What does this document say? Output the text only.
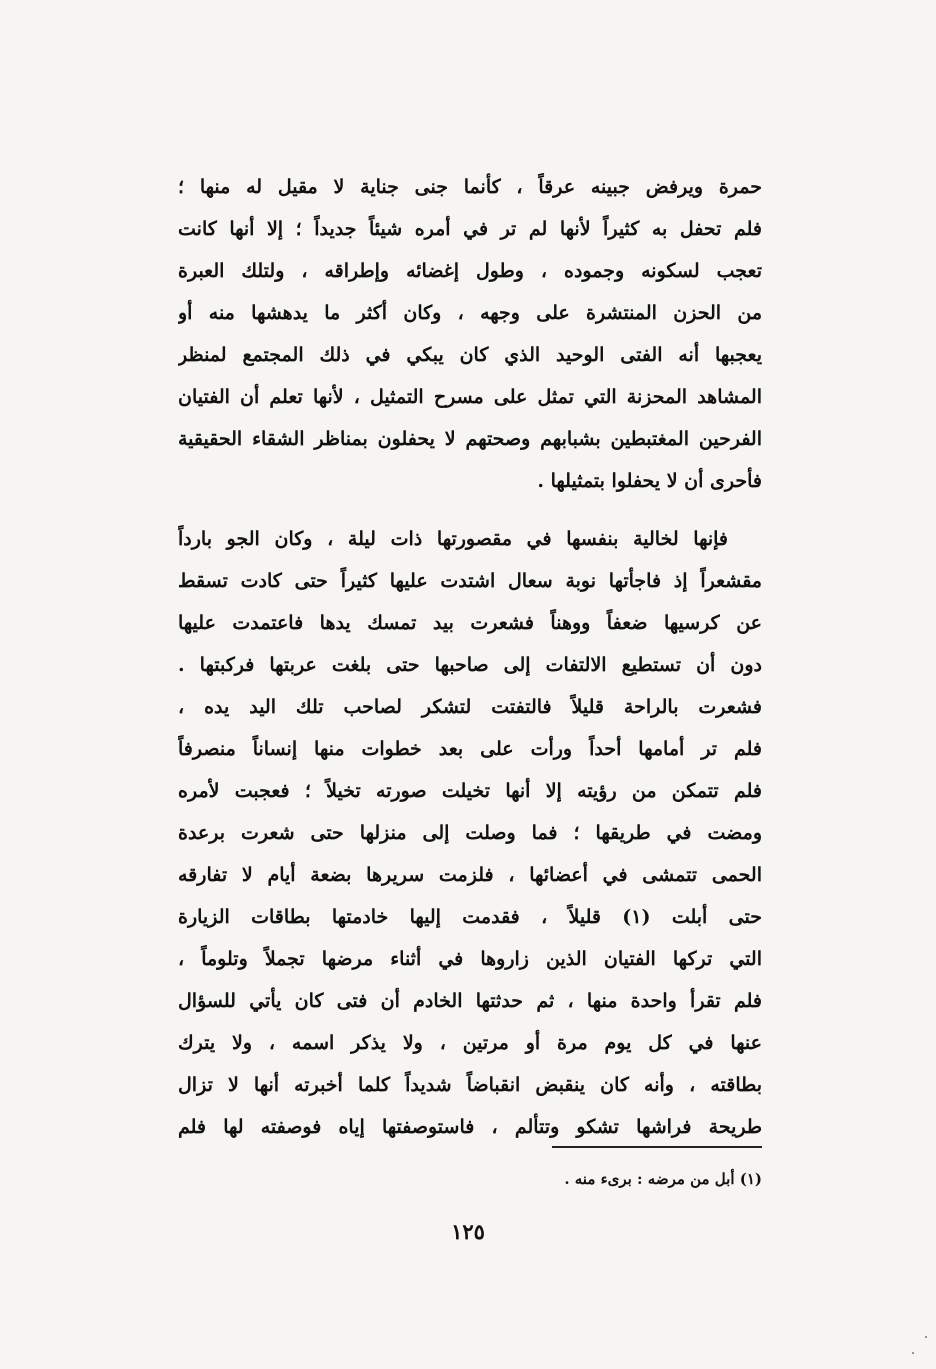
حمرة ويرفض جبينه عرقاً ، كأنما جنى جناية لا مقيل له منها ؛
فلم تحفل به كثيراً لأنها لم تر في أمره شيئاً جديداً ؛ إلا أنها كانت
تعجب لسكونه وجموده ، وطول إغضائه وإطراقه ، ولتلك العبرة
من الحزن المنتشرة على وجهه ، وكان أكثر ما يدهشها منه أو
يعجبها أنه الفتى الوحيد الذي كان يبكي في ذلك المجتمع لمنظر
المشاهد المحزنة التي تمثل على مسرح التمثيل ، لأنها تعلم أن الفتيان
الفرحين المغتبطين بشبابهم وصحتهم لا يحفلون بمناظر الشقاء الحقيقية
فأحرى أن لا يحفلوا بتمثيلها .
فإنها لخالية بنفسها في مقصورتها ذات ليلة ، وكان الجو بارداً
مقشعراً إذ فاجأتها نوبة سعال اشتدت عليها كثيراً حتى كادت تسقط
عن كرسيها ضعفاً ووهناً فشعرت بيد تمسك يدها فاعتمدت عليها
دون أن تستطيع الالتفات إلى صاحبها حتى بلغت عربتها فركبتها .
فشعرت بالراحة قليلاً فالتفتت لتشكر لصاحب تلك اليد يده ،
فلم تر أمامها أحداً ورأت على بعد خطوات منها إنساناً منصرفاً
فلم تتمكن من رؤيته إلا أنها تخيلت صورته تخيلاً ؛ فعجبت لأمره
ومضت في طريقها ؛ فما وصلت إلى منزلها حتى شعرت برعدة
الحمى تتمشى في أعضائها ، فلزمت سريرها بضعة أيام لا تفارقه
حتى أبلت (١) قليلاً ، فقدمت إليها خادمتها بطاقات الزيارة
التي تركها الفتيان الذين زاروها في أثناء مرضها تجملاً وتلوماً ،
فلم تقرأ واحدة منها ، ثم حدثتها الخادم أن فتى كان يأتي للسؤال
عنها في كل يوم مرة أو مرتين ، ولا يذكر اسمه ، ولا يترك
بطاقته ، وأنه كان ينقبض انقباضاً شديداً كلما أخبرته أنها لا تزال
طريحة فراشها تشكو وتتألم ، فاستوصفتها إياه فوصفته لها فلم
(١) أبل من مرضه : برىء منه .
١٢٥
